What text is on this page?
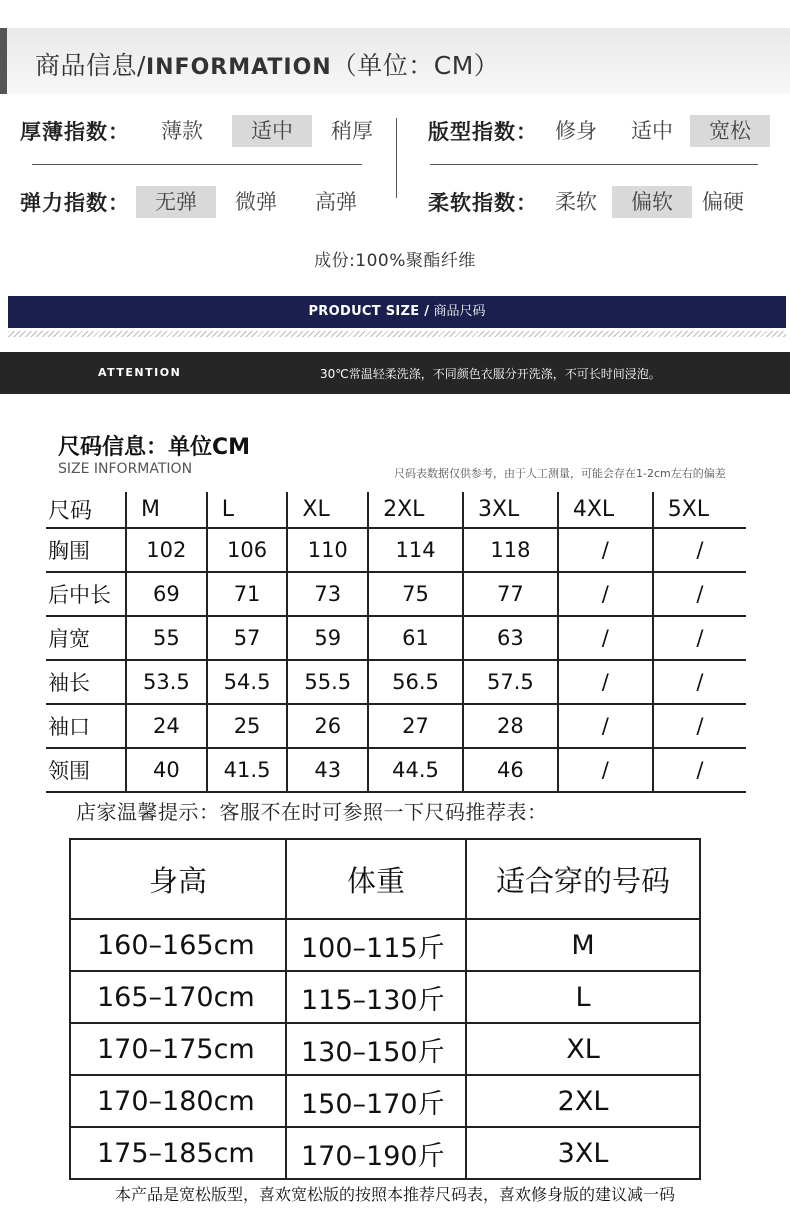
商品信息/INFORMATION（单位：CM）
厚薄指数：	薄款	适中	稍厚	版型指数： 修身	适中	宽松
弹力指数：	无弹	微弹	高弹	柔软指数： 柔软	偏软	偏硬
成份:100%聚酯纤维
PRODUCT SIZE / 商品尺码
ATTENTION	30℃常温轻柔洗涤，不同颜色衣服分开洗涤，不可长时间浸泡。
尺码信息：单位CM
SIZE INFORMATION	尺码表数据仅供参考，由于人工测量，可能会存在1-2cm左右的偏差
尺码	M	L	XL	2XL	3XL	4XL	5XL
胸围	102	106	110	114	118	/	/
后中长	69	71	73	75	77	/	/
肩宽	55	57	59	61	63	/	/
袖长	53.5	54.5	55.5	56.5	57.5	/	/
袖口	24	25	26	27	28	/	/
领围	40	41.5	43	44.5	46	/	/
店家温馨提示：客服不在时可参照一下尺码推荐表：
身高	体重	适合穿的号码
160–165cm	100–115斤	M
165–170cm	115–130斤	L
170–175cm	130–150斤	XL
170–180cm	150–170斤	2XL
175–185cm	170–190斤	3XL
本产品是宽松版型，喜欢宽松版的按照本推荐尺码表，喜欢修身版的建议减一码
